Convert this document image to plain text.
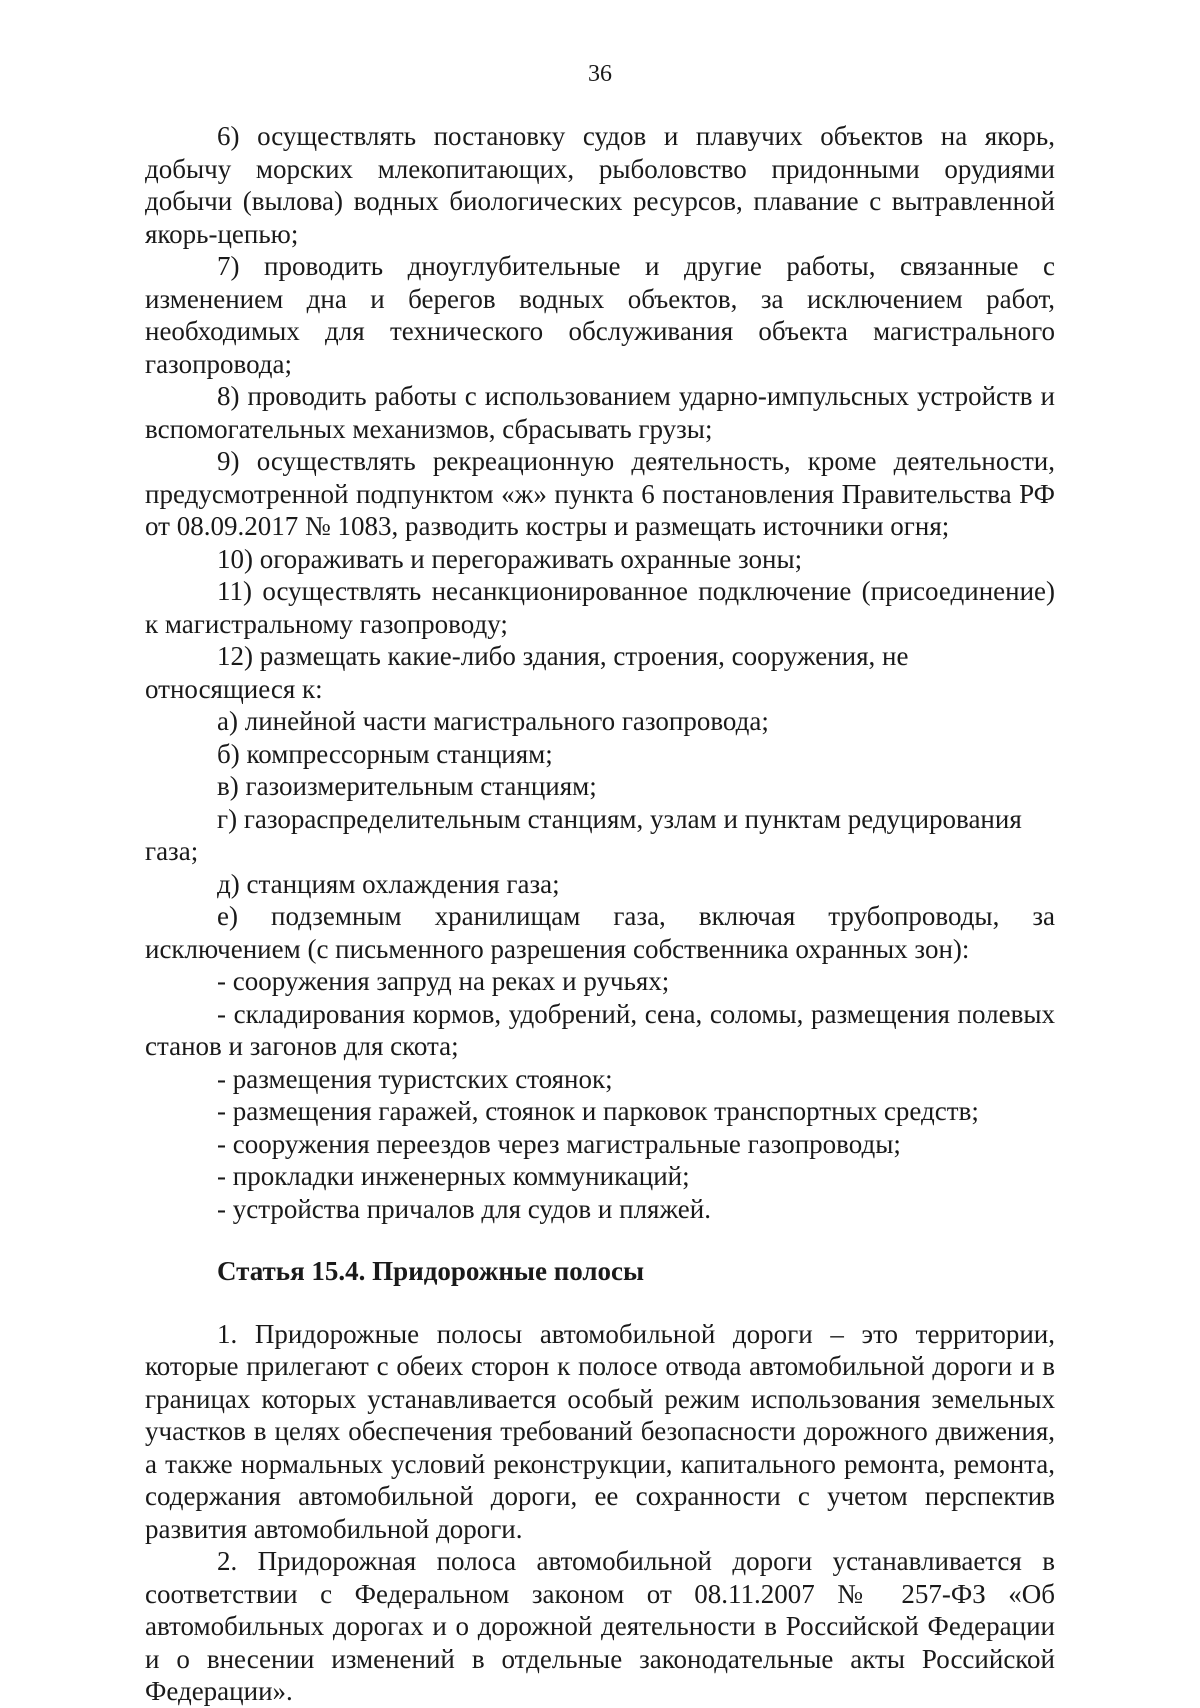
36

6) осуществлять постановку судов и плавучих объектов на якорь, добычу морских млекопитающих, рыболовство придонными орудиями добычи (вылова) водных биологических ресурсов, плавание с вытравленной якорь-цепью;

7) проводить дноуглубительные и другие работы, связанные с изменением дна и берегов водных объектов, за исключением работ, необходимых для технического обслуживания объекта магистрального газопровода;

8) проводить работы с использованием ударно-импульсных устройств и вспомогательных механизмов, сбрасывать грузы;

9) осуществлять рекреационную деятельность, кроме деятельности, предусмотренной подпунктом «ж» пункта 6 постановления Правительства РФ от 08.09.2017 № 1083, разводить костры и размещать источники огня;

10) огораживать и перегораживать охранные зоны;

11) осуществлять несанкционированное подключение (присоединение) к магистральному газопроводу;

12) размещать какие-либо здания, строения, сооружения, не относящиеся к:

а) линейной части магистрального газопровода;

б) компрессорным станциям;

в) газоизмерительным станциям;

г) газораспределительным станциям, узлам и пунктам редуцирования газа;

д) станциям охлаждения газа;

е) подземным хранилищам газа, включая трубопроводы, за исключением (с письменного разрешения собственника охранных зон):

- сооружения запруд на реках и ручьях;

- складирования кормов, удобрений, сена, соломы, размещения полевых станов и загонов для скота;

- размещения туристских стоянок;

- размещения гаражей, стоянок и парковок транспортных средств;

- сооружения переездов через магистральные газопроводы;

- прокладки инженерных коммуникаций;

- устройства причалов для судов и пляжей.

Статья 15.4. Придорожные полосы

1. Придорожные полосы автомобильной дороги – это территории, которые прилегают с обеих сторон к полосе отвода автомобильной дороги и в границах которых устанавливается особый режим использования земельных участков в целях обеспечения требований безопасности дорожного движения, а также нормальных условий реконструкции, капитального ремонта, ремонта, содержания автомобильной дороги, ее сохранности с учетом перспектив развития автомобильной дороги.

2. Придорожная полоса автомобильной дороги устанавливается в соответствии с Федеральном законом от 08.11.2007 № 257-ФЗ «Об автомобильных дорогах и о дорожной деятельности в Российской Федерации и о внесении изменений в отдельные законодательные акты Российской Федерации».
